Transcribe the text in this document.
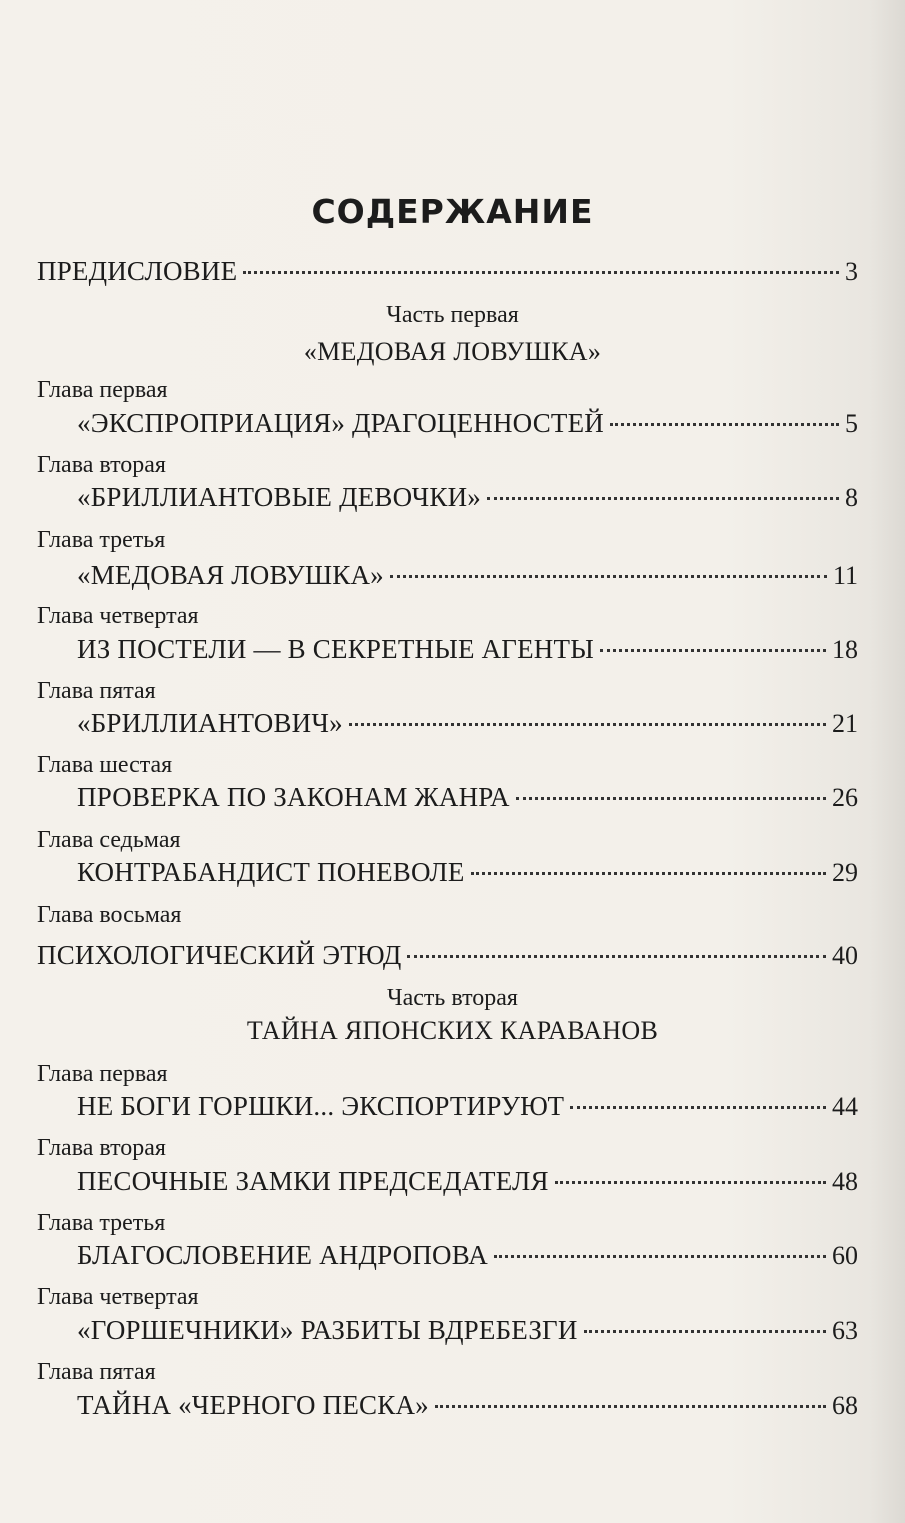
СОДЕРЖАНИЕ
ПРЕДИСЛОВИЕ	3
Часть первая
«МЕДОВАЯ ЛОВУШКА»
Глава первая
«ЭКСПРОПРИАЦИЯ» ДРАГОЦЕННОСТЕЙ	5
Глава вторая
«БРИЛЛИАНТОВЫЕ ДЕВОЧКИ»	8
Глава третья
«МЕДОВАЯ ЛОВУШКА»	11
Глава четвертая
ИЗ ПОСТЕЛИ — В СЕКРЕТНЫЕ АГЕНТЫ	18
Глава пятая
«БРИЛЛИАНТОВИЧ»	21
Глава шестая
ПРОВЕРКА ПО ЗАКОНАМ ЖАНРА	26
Глава седьмая
КОНТРАБАНДИСТ ПОНЕВОЛЕ	29
Глава восьмая
ПСИХОЛОГИЧЕСКИЙ ЭТЮД	40
Часть вторая
ТАЙНА ЯПОНСКИХ КАРАВАНОВ
Глава первая
НЕ БОГИ ГОРШКИ... ЭКСПОРТИРУЮТ	44
Глава вторая
ПЕСОЧНЫЕ ЗАМКИ ПРЕДСЕДАТЕЛЯ	48
Глава третья
БЛАГОСЛОВЕНИЕ АНДРОПОВА	60
Глава четвертая
«ГОРШЕЧНИКИ» РАЗБИТЫ ВДРЕБЕЗГИ	63
Глава пятая
ТАЙНА «ЧЕРНОГО ПЕСКА»	68
